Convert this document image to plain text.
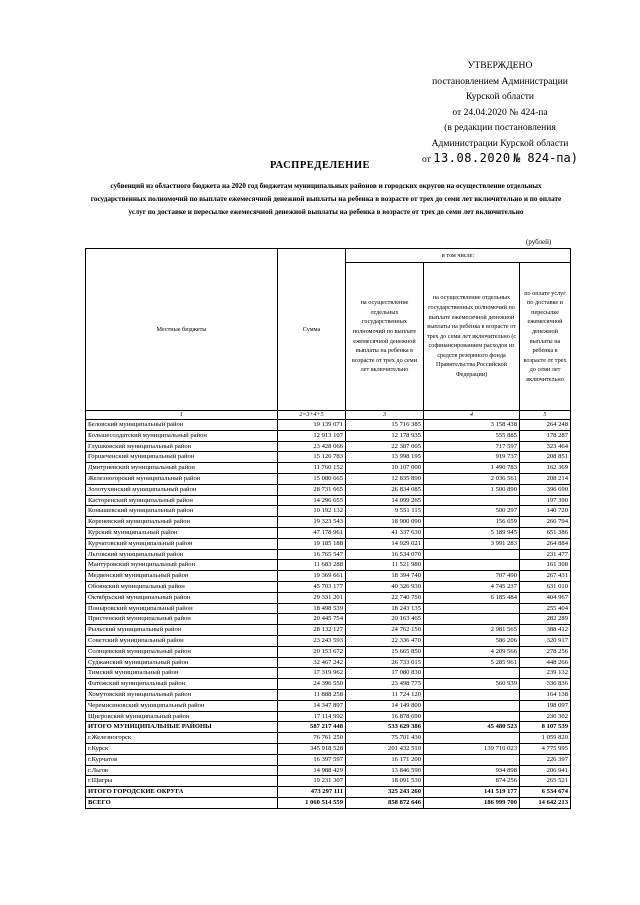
УТВЕРЖДЕНО
постановлением Администрации
Курской области
от 24.04.2020 № 424-па
(в редакции постановления
Администрации Курской области
от 13.08.2020 № 824-па)
РАСПРЕДЕЛЕНИЕ
субвенций из областного бюджета на 2020 год бюджетам муниципальных районов и городских округов на осуществление отдельных государственных полномочий по выплате ежемесячной денежной выплаты на ребенка в возрасте от трех до семи лет включительно и по оплате услуг по доставке и пересылке ежемесячной денежной выплаты на ребенка в возрасте от трех до семи лет включительно
(рублей)
Местные бюджеты	Сумма	в том числе:		
		на осуществление отдельных государственных полномочий по выплате ежемесячной денежной выплаты на ребенка в возрасте от трех до семи лет включительно	на осуществление отдельных государственных полномочий по выплате ежемесячной денежной выплаты на ребенка в возрасте от трех до семи лет включительно (с софинансированием расходов из средств резервного фонда Правительства Российской Федерации)	по оплате услуг по доставке и пересылке ежемесячной денежной выплаты на ребенка в возрасте от трех до семи лет включительно
1	2=3+4+5	3	4	5
Беловский муниципальный район	19 139 071	15 716 385	3 158 438	264 248
Большесолдатский муниципальный район	12 913 107	12 178 935	555 885	178 287
Глушковский муниципальный район	23 428 066	22 387 005	717 597	323 464
Горшеченский муниципальный район	15 126 783	13 998 195	919 737	208 851
Дмитриевский муниципальный район	11 760 152	10 107 000	1 490 783	162 369
Железногорский муниципальный район	15 080 665	12 835 890	2 036 561	208 214
Золотухинский муниципальный район	28 731 665	26 834 085	1 500 890	396 690
Касторенский муниципальный район	14 296 655	14 099 265		197 390
Конышевский муниципальный район	10 192 132	9 551 115	500 297	140 720
Кореневский муниципальный район	19 323 543	18 900 090	156 659	266 794
Курский муниципальный район	47 178 961	41 337 630	5 189 945	651 386
Курчатовский муниципальный район	19 185 188	14 929 021	3 991 283	264 884
Льговский муниципальный район	16 765 547	16 534 070		231 477
Мантуровский муниципальный район	11 683 288	11 521 980		161 308
Медвенский муниципальный район	19 369 661	18 394 740	707 490	267 431
Обоянский муниципальный район	45 703 177	40 326 930	4 745 237	631 010
Октябрьский муниципальный район	29 331 201	22 740 750	6 185 484	404 967
Поныровский муниципальный район	18 498 539	18 243 135		255 404
Пристенский муниципальный район	20 445 754	20 163 465		282 289
Рыльский муниципальный район	28 132 127	24 762 150	2 981 565	388 412
Советский муниципальный район	23 243 593	22 336 470	586 206	320 917
Солнцевский муниципальный район	20 153 672	15 665 850	4 209 566	278 256
Суджанский муниципальный район	32 467 242	26 733 015	5 285 961	448 266
Тимский муниципальный район	17 319 962	17 080 830		239 132
Фатежский муниципальный район	24 396 550	23 498 775	560 939	336 836
Хомутовский муниципальный район	11 888 258	11 724 120		164 138
Черемисиновский муниципальный район	14 347 897	14 149 800		198 097
Щигровский муниципальный район	17 114 992	16 878 690		236 302
ИТОГО МУНИЦИПАЛЬНЫЕ РАЙОНЫ	587 217 448	533 629 386	45 480 523	8 107 539
г.Железногорск	76 761 250	75 701 430		1 059 820
г.Курск	345 918 528	201 432 510	139 710 023	4 775 995
г.Курчатов	16 397 597	16 171 200		226 397
г.Льгов	14 988 429	13 846 590	934 898	206 941
г.Щигры	19 231 307	18 091 530	874 256	265 521
ИТОГО ГОРОДСКИЕ ОКРУГА	473 297 111	325 243 260	141 519 177	6 534 674
ВСЕГО	1 060 514 559	858 872 646	186 999 700	14 642 213
